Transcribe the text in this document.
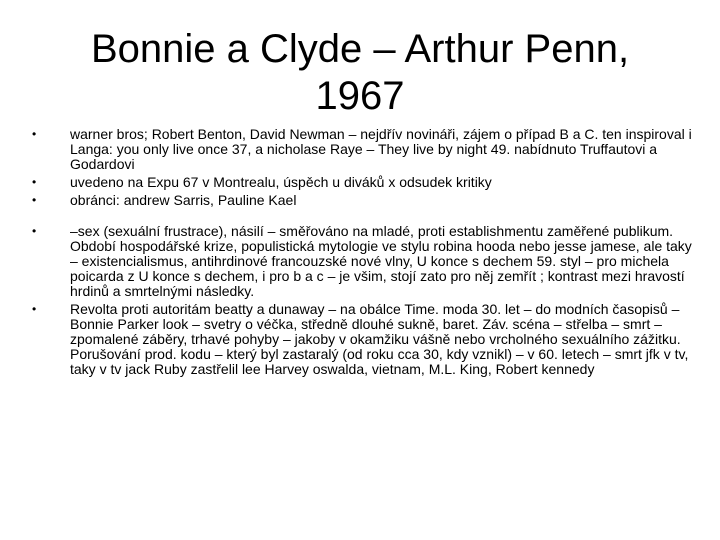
Bonnie a Clyde – Arthur Penn,
1967
•	warner bros; Robert Benton, David Newman – nejdřív novináři, zájem o případ B a C. ten inspiroval i Langa: you only live once 37, a nicholase Raye – They live by night 49. nabídnuto Truffautovi a Godardovi
•	uvedeno na Expu 67 v Montrealu, úspěch u diváků x odsudek kritiky
•	obránci: andrew Sarris, Pauline Kael
•	–sex (sexuální frustrace), násilí – směřováno na mladé, proti establishmentu zaměřené publikum. Období hospodářské krize, populistická mytologie ve stylu robina hooda nebo jesse jamese, ale taky – existencialismus, antihrdinové francouzské nové vlny, U konce s dechem 59. styl – pro michela poicarda z U konce s dechem, i pro b a c – je všim, stojí zato pro něj zemřít ; kontrast mezi hravostí hrdinů a smrtelnými následky.
•	Revolta proti autoritám beatty a dunaway – na obálce Time. moda 30. let – do modních časopisů – Bonnie Parker look – svetry o véčka, středně dlouhé sukně, baret. Záv. scéna – střelba – smrt – zpomalené záběry, trhavé pohyby – jakoby v okamžiku vášně nebo vrcholného sexuálního zážitku. Porušování prod. kodu – který byl zastaralý (od roku cca 30, kdy vznikl) – v 60. letech – smrt jfk v tv, taky v tv jack Ruby zastřelil lee Harvey oswalda, vietnam, M.L. King, Robert kennedy
